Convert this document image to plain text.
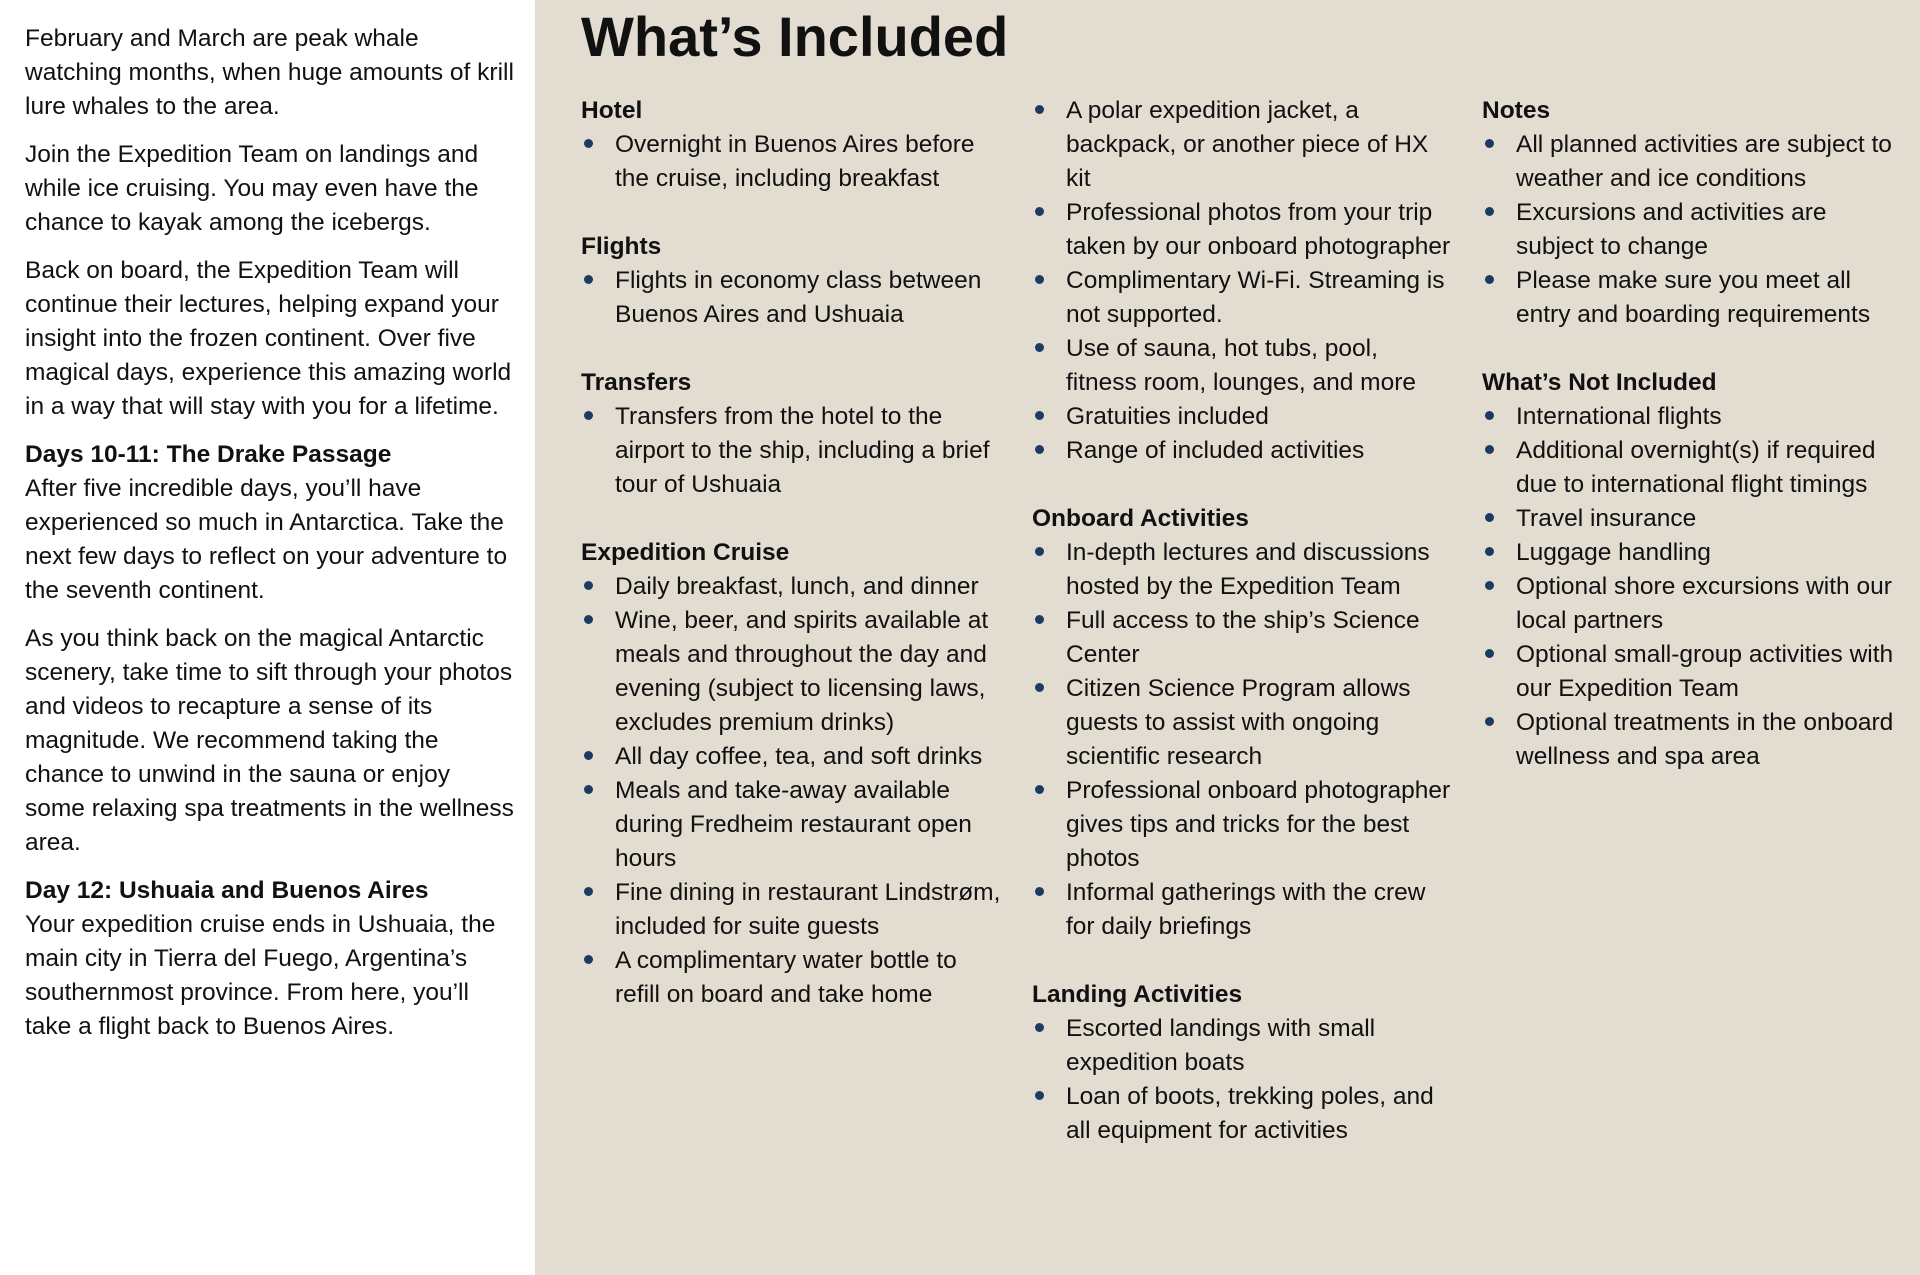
February and March are peak whale watching months, when huge amounts of krill lure whales to the area.

Join the Expedition Team on landings and while ice cruising. You may even have the chance to kayak among the icebergs.

Back on board, the Expedition Team will continue their lectures, helping expand your insight into the frozen continent. Over five magical days, experience this amazing world in a way that will stay with you for a lifetime.

Days 10-11: The Drake Passage

After five incredible days, you’ll have experienced so much in Antarctica. Take the next few days to reflect on your adventure to the seventh continent.

As you think back on the magical Antarctic scenery, take time to sift through your photos and videos to recapture a sense of its magnitude. We recommend taking the chance to unwind in the sauna or enjoy some relaxing spa treatments in the wellness area.

Day 12: Ushuaia and Buenos Aires

Your expedition cruise ends in Ushuaia, the main city in Tierra del Fuego, Argentina’s southernmost province. From here, you’ll take a flight back to Buenos Aires.

What’s Included
Hotel
Overnight in Buenos Aires before the cruise, including breakfast
Flights
Flights in economy class between Buenos Aires and Ushuaia
Transfers
Transfers from the hotel to the airport to the ship, including a brief tour of Ushuaia
Expedition Cruise
Daily breakfast, lunch, and dinner
Wine, beer, and spirits available at meals and throughout the day and evening (subject to licensing laws, excludes premium drinks)
All day coffee, tea, and soft drinks
Meals and take-away available during Fredheim restaurant open hours
Fine dining in restaurant Lindstrøm, included for suite guests
A complimentary water bottle to refill on board and take home
A polar expedition jacket, a backpack, or another piece of HX kit
Professional photos from your trip taken by our onboard photographer
Complimentary Wi-Fi. Streaming is not supported.
Use of sauna, hot tubs, pool, fitness room, lounges, and more
Gratuities included
Range of included activities
Onboard Activities
In-depth lectures and discussions hosted by the Expedition Team
Full access to the ship’s Science Center
Citizen Science Program allows guests to assist with ongoing scientific research
Professional onboard photographer gives tips and tricks for the best photos
Informal gatherings with the crew for daily briefings
Landing Activities
Escorted landings with small expedition boats
Loan of boots, trekking poles, and all equipment for activities
Notes
All planned activities are subject to weather and ice conditions
Excursions and activities are subject to change
Please make sure you meet all entry and boarding requirements
What’s Not Included
International flights
Additional overnight(s) if required due to international flight timings
Travel insurance
Luggage handling
Optional shore excursions with our local partners
Optional small-group activities with our Expedition Team
Optional treatments in the onboard wellness and spa area
